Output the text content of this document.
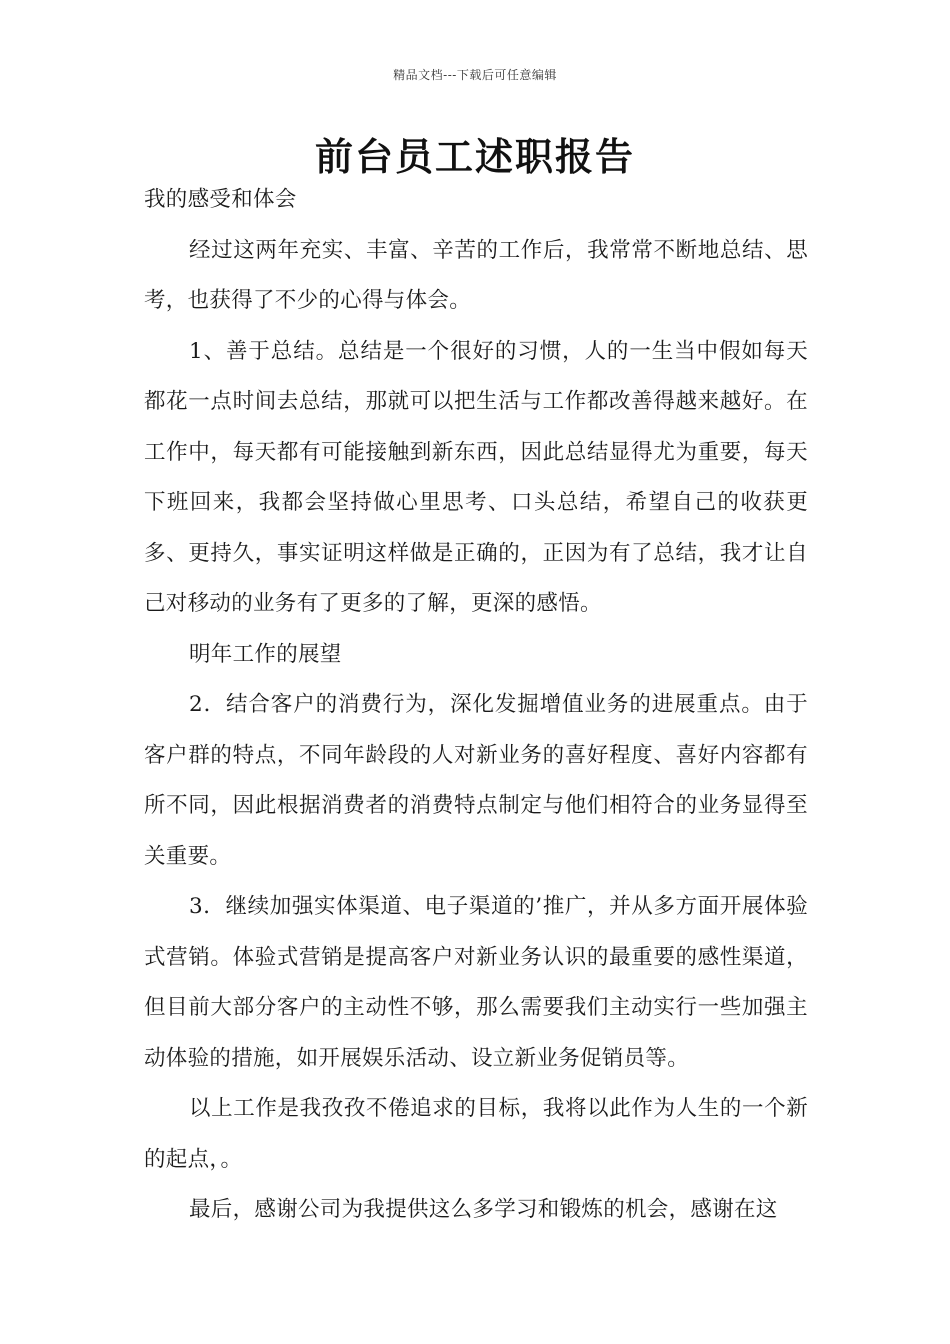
精品文档---下载后可任意编辑
前台员工述职报告

我的感受和体会

经过这两年充实、丰富、辛苦的工作后，我常常不断地总结、思考，也获得了不少的心得与体会。

1、善于总结。总结是一个很好的习惯，人的一生当中假如每天都花一点时间去总结，那就可以把生活与工作都改善得越来越好。在工作中，每天都有可能接触到新东西，因此总结显得尤为重要，每天下班回来，我都会坚持做心里思考、口头总结，希望自己的收获更多、更持久，事实证明这样做是正确的，正因为有了总结，我才让自己对移动的业务有了更多的了解，更深的感悟。

明年工作的展望

2．结合客户的消费行为，深化发掘增值业务的进展重点。由于客户群的特点，不同年龄段的人对新业务的喜好程度、喜好内容都有所不同，因此根据消费者的消费特点制定与他们相符合的业务显得至关重要。

3．继续加强实体渠道、电子渠道的’推广，并从多方面开展体验式营销。体验式营销是提高客户对新业务认识的最重要的感性渠道，但目前大部分客户的主动性不够，那么需要我们主动实行一些加强主动体验的措施，如开展娱乐活动、设立新业务促销员等。

以上工作是我孜孜不倦追求的目标，我将以此作为人生的一个新的起点，。

最后，感谢公司为我提供这么多学习和锻炼的机会，感谢在这
